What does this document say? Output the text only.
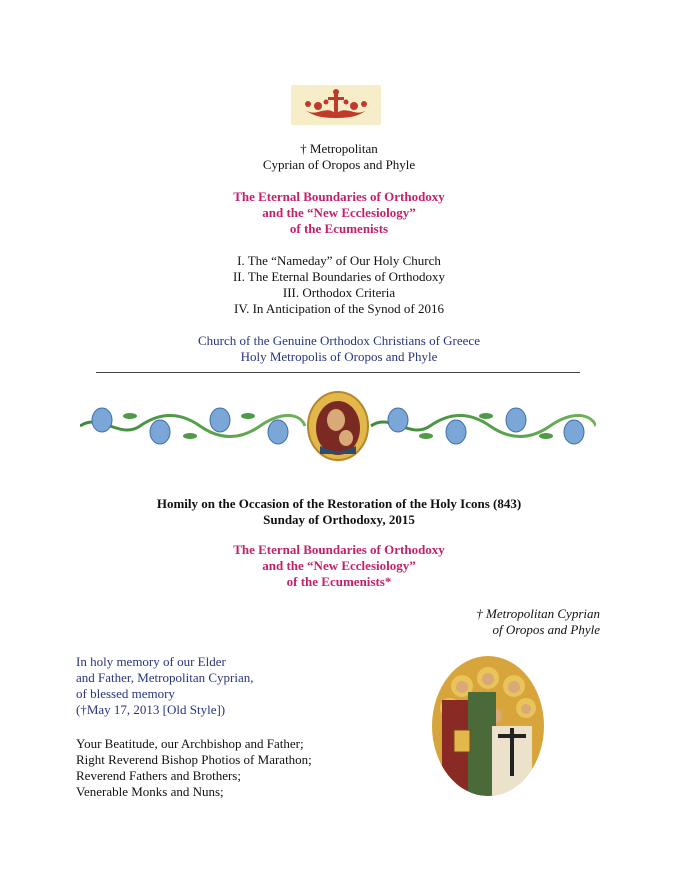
† Metropolitan
Cyprian of Oropos and Phyle
The Eternal Boundaries of Orthodoxy
and the “New Ecclesiology”
of the Ecumenists
I. The “Nameday” of Our Holy Church
II. The Eternal Boundaries of Orthodoxy
III. Orthodox Criteria
IV. In Anticipation of the Synod of 2016
Church of the Genuine Orthodox Christians of Greece
Holy Metropolis of Oropos and Phyle
Homily on the Occasion of the Restoration of the Holy Icons (843)
Sunday of Orthodoxy, 2015
The Eternal Boundaries of Orthodoxy
and the “New Ecclesiology”
of the Ecumenists*
† Metropolitan Cyprian
of Oropos and Phyle
In holy memory of our Elder
and Father, Metropolitan Cyprian,
of blessed memory
(†May 17, 2013 [Old Style])
Your Beatitude, our Archbishop and Father;
Right Reverend Bishop Photios of Marathon;
Reverend Fathers and Brothers;
Venerable Monks and Nuns;
